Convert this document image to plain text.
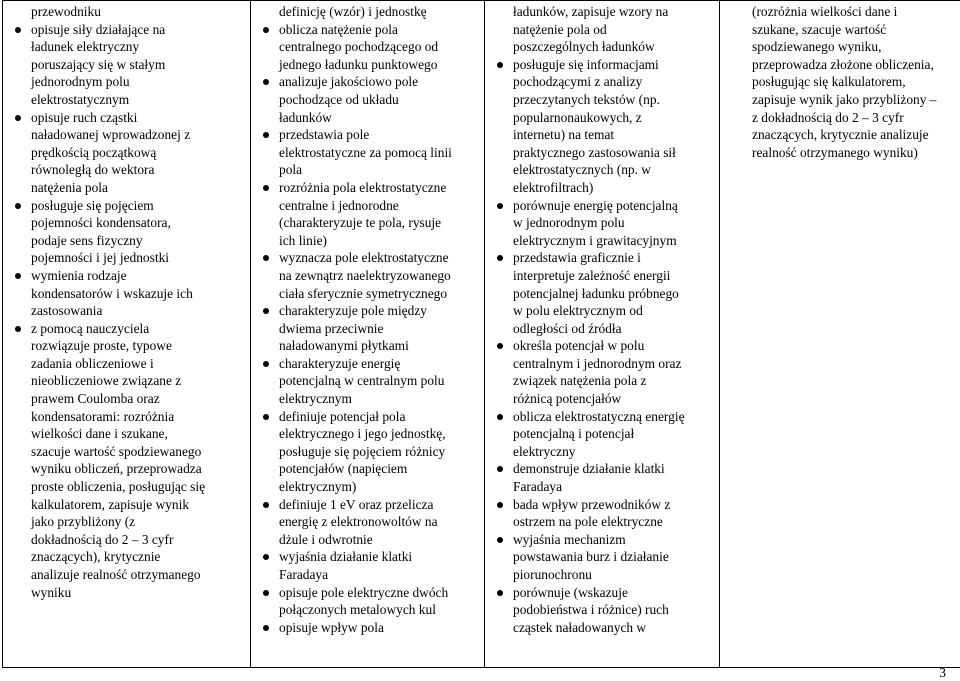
przewodniku
opisuje siły działające na
ładunek elektryczny
poruszający się w stałym
jednorodnym polu
elektrostatycznym
opisuje ruch cząstki
naładowanej wprowadzonej z
prędkością początkową
równoległą do wektora
natężenia pola
posługuje się pojęciem
pojemności kondensatora,
podaje sens fizyczny
pojemności i jej jednostki
wymienia rodzaje
kondensatorów i wskazuje ich
zastosowania
z pomocą nauczyciela
rozwiązuje proste, typowe
zadania obliczeniowe i
nieobliczeniowe związane z
prawem Coulomba oraz
kondensatorami: rozróżnia
wielkości dane i szukane,
szacuje wartość spodziewanego
wyniku obliczeń, przeprowadza
proste obliczenia, posługując się
kalkulatorem, zapisuje wynik
jako przybliżony (z
dokładnością do 2 – 3 cyfr
znaczących), krytycznie
analizuje realność otrzymanego
wyniku

definicję (wzór) i jednostkę
oblicza natężenie pola
centralnego pochodzącego od
jednego ładunku punktowego
analizuje jakościowo pole
pochodzące od układu
ładunków
przedstawia pole
elektrostatyczne za pomocą linii
pola
rozróżnia pola elektrostatyczne
centralne i jednorodne
(charakteryzuje te pola, rysuje
ich linie)
wyznacza pole elektrostatyczne
na zewnątrz naelektryzowanego
ciała sferycznie symetrycznego
charakteryzuje pole między
dwiema przeciwnie
naładowanymi płytkami
charakteryzuje energię
potencjalną w centralnym polu
elektrycznym
definiuje potencjał pola
elektrycznego i jego jednostkę,
posługuje się pojęciem różnicy
potencjałów (napięciem
elektrycznym)
definiuje 1 eV oraz przelicza
energię z elektronowoltów na
dżule i odwrotnie
wyjaśnia działanie klatki
Faradaya
opisuje pole elektryczne dwóch
połączonych metalowych kul
opisuje wpływ pola

ładunków, zapisuje wzory na
natężenie pola od
poszczególnych ładunków
posługuje się informacjami
pochodzącymi z analizy
przeczytanych tekstów (np.
popularnonaukowych, z
internetu) na temat
praktycznego zastosowania sił
elektrostatycznych (np. w
elektrofiltrach)
porównuje energię potencjalną
w jednorodnym polu
elektrycznym i grawitacyjnym
przedstawia graficznie i
interpretuje zależność energii
potencjalnej ładunku próbnego
w polu elektrycznym od
odległości od źródła
określa potencjał w polu
centralnym i jednorodnym oraz
związek natężenia pola z
różnicą potencjałów
oblicza elektrostatyczną energię
potencjalną i potencjał
elektryczny
demonstruje działanie klatki
Faradaya
bada wpływ przewodników z
ostrzem na pole elektryczne
wyjaśnia mechanizm
powstawania burz i działanie
piorunochronu
porównuje (wskazuje
podobieństwa i różnice) ruch
cząstek naładowanych w

(rozróżnia wielkości dane i
szukane, szacuje wartość
spodziewanego wyniku,
przeprowadza złożone obliczenia,
posługując się kalkulatorem,
zapisuje wynik jako przybliżony –
z dokładnością do 2 – 3 cyfr
znaczących, krytycznie analizuje
realność otrzymanego wyniku)
3
